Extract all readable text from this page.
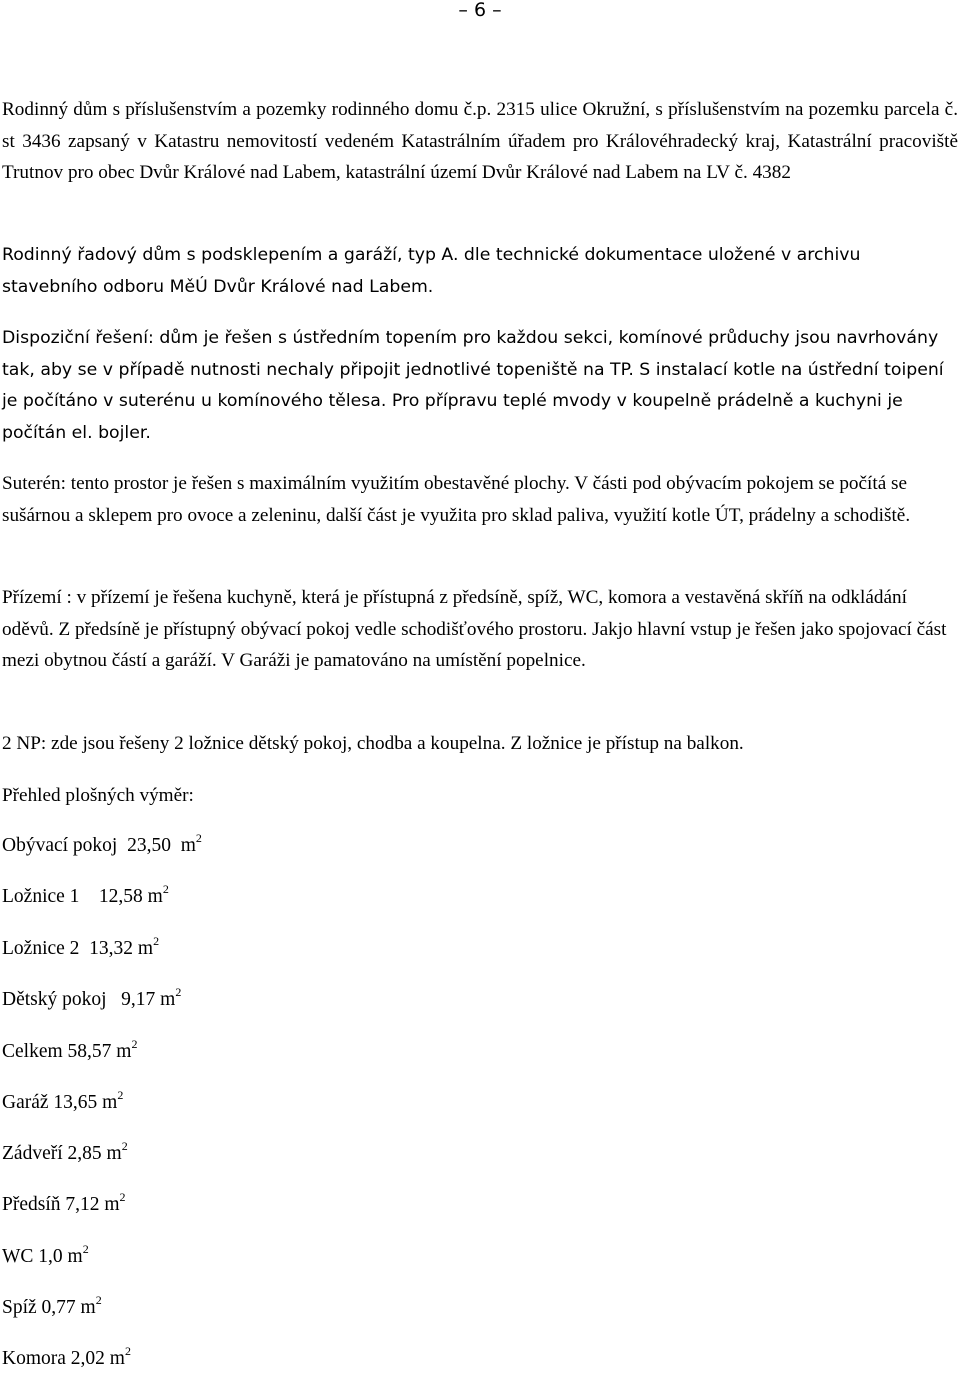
– 6 –

Rodinný dům s příslušenstvím a pozemky rodinného domu č.p. 2315 ulice Okružní, s příslušenstvím na pozemku parcela č. st 3436 zapsaný v Katastru nemovitostí vedeném Katastrálním úřadem pro Královéhradecký kraj, Katastrální pracoviště Trutnov pro obec Dvůr Králové nad Labem, katastrální území Dvůr Králové nad Labem na LV č. 4382

Rodinný řadový dům s podsklepením a garáží, typ A. dle technické dokumentace uložené v archivu stavebního odboru MěÚ Dvůr Králové nad Labem.

Dispoziční řešení: dům je řešen s ústředním topením pro každou sekci, komínové průduchy jsou navrhovány tak, aby se v případě nutnosti nechaly připojit jednotlivé topeniště na TP. S instalací kotle na ústřední toipení je počítáno v suterénu u komínového tělesa. Pro přípravu teplé mvody v koupelně prádelně a kuchyni je počítán el. bojler.

Suterén: tento prostor je řešen s maximálním využitím obestavěné plochy. V části pod obývacím pokojem se počítá se sušárnou a sklepem pro ovoce a zeleninu, další část je využita pro sklad paliva, využití kotle ÚT, prádelny a schodiště.

Přízemí : v přízemí je řešena kuchyně, která je přístupná z předsíně, spíž, WC, komora a vestavěná skříň na odkládání oděvů. Z předsíně je přístupný obývací pokoj vedle schodišťového prostoru. Jakjo hlavní vstup je řešen jako spojovací část mezi obytnou částí a garáží. V Garáži je pamatováno na umístění popelnice.

2 NP: zde jsou řešeny 2 ložnice dětský pokoj, chodba a koupelna. Z ložnice je přístup na balkon.

Přehled plošných výměr:

Obývací pokoj  23,50  $m^2$

Ložnice 1    12,58 $m^2$

Ložnice 2  13,32 $m^2$

Dětský pokoj   9,17 $m^2$

Celkem 58,57 $m^2$

Garáž 13,65 $m^2$

Zádveří 2,85 $m^2$

Předsíň 7,12 $m^2$

WC 1,0 $m^2$

Spíž 0,77 $m^2$

Komora 2,02 $m^2$
